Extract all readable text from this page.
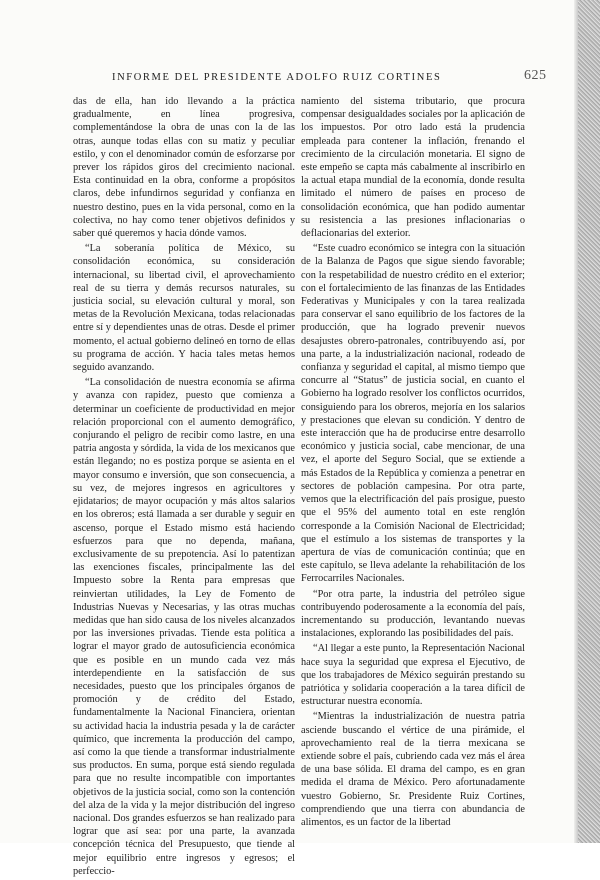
INFORME DEL PRESIDENTE ADOLFO RUIZ CORTINES	625

das de ella, han ido llevando a la práctica gradualmente, en línea progresiva, complementándose la obra de unas con la de las otras, aunque todas ellas con su matiz y peculiar estilo, y con el denominador común de esforzarse por prever los rápidos giros del crecimiento nacional. Esta continuidad en la obra, conforme a propósitos claros, debe infundirnos seguridad y confianza en nuestro destino, pues en la vida personal, como en la colectiva, no hay como tener objetivos definidos y saber qué queremos y hacia dónde vamos.

“La soberanía política de México, su consolidación económica, su consideración internacional, su libertad civil, el aprovechamiento real de su tierra y demás recursos naturales, su justicia social, su elevación cultural y moral, son metas de la Revolución Mexicana, todas relacionadas entre sí y dependientes unas de otras. Desde el primer momento, el actual gobierno delineó en torno de ellas su programa de acción. Y hacia tales metas hemos seguido avanzando.

“La consolidación de nuestra economía se afirma y avanza con rapidez, puesto que comienza a determinar un coeficiente de productividad en mejor relación proporcional con el aumento demográfico, conjurando el peligro de recibir como lastre, en una patria angosta y sórdida, la vida de los mexicanos que están llegando; no es postiza porque se asienta en el mayor consumo e inversión, que son consecuencia, a su vez, de mejores ingresos en agricultores y ejidatarios; de mayor ocupación y más altos salarios en los obreros; está llamada a ser durable y seguir en ascenso, porque el Estado mismo está haciendo esfuerzos para que no dependa, mañana, exclusivamente de su prepotencia. Así lo patentizan las exenciones fiscales, principalmente las del Impuesto sobre la Renta para empresas que reinviertan utilidades, la Ley de Fomento de Industrias Nuevas y Necesarias, y las otras muchas medidas que han sido causa de los niveles alcanzados por las inversiones privadas. Tiende esta política a lograr el mayor grado de autosuficiencia económica que es posible en un mundo cada vez más interdependiente en la satisfacción de sus necesidades, puesto que los principales órganos de promoción y de crédito del Estado, fundamentalmente la Nacional Financiera, orientan su actividad hacia la industria pesada y la de carácter químico, que incrementa la producción del campo, así como la que tiende a transformar industrialmente sus productos. En suma, porque está siendo regulada para que no resulte incompatible con importantes objetivos de la justicia social, como son la contención del alza de la vida y la mejor distribución del ingreso nacional. Dos grandes esfuerzos se han realizado para lograr que así sea: por una parte, la avanzada concepción técnica del Presupuesto, que tiende al mejor equilibrio entre ingresos y egresos; el perfeccio-

namiento del sistema tributario, que procura compensar desigualdades sociales por la aplicación de los impuestos. Por otro lado está la prudencia empleada para contener la inflación, frenando el crecimiento de la circulación monetaria. El signo de este empeño se capta más cabalmente al inscribirlo en la actual etapa mundial de la economía, donde resulta limitado el número de países en proceso de consolidación económica, que han podido aumentar su resistencia a las presiones inflacionarias o deflacionarias del exterior.

“Este cuadro económico se integra con la situación de la Balanza de Pagos que sigue siendo favorable; con la respetabilidad de nuestro crédito en el exterior; con el fortalecimiento de las finanzas de las Entidades Federativas y Municipales y con la tarea realizada para conservar el sano equilibrio de los factores de la producción, que ha logrado prevenir nuevos desajustes obrero-patronales, contribuyendo así, por una parte, a la industrialización nacional, rodeado de confianza y seguridad el capital, al mismo tiempo que concurre al “Status” de justicia social, en cuanto el Gobierno ha logrado resolver los conflictos ocurridos, consiguiendo para los obreros, mejoría en los salarios y prestaciones que elevan su condición. Y dentro de este interacción que ha de producirse entre desarrollo económico y justicia social, cabe mencionar, de una vez, el aporte del Seguro Social, que se extiende a más Estados de la República y comienza a penetrar en sectores de población campesina. Por otra parte, vemos que la electrificación del país prosigue, puesto que el 95% del aumento total en este renglón corresponde a la Comisión Nacional de Electricidad; que el estímulo a los sistemas de transportes y la apertura de vías de comunicación continúa; que en este capítulo, se lleva adelante la rehabilitación de los Ferrocarriles Nacionales.

“Por otra parte, la industria del petróleo sigue contribuyendo poderosamente a la economía del país, incrementando su producción, levantando nuevas instalaciones, explorando las posibilidades del país.

“Al llegar a este punto, la Representación Nacional hace suya la seguridad que expresa el Ejecutivo, de que los trabajadores de México seguirán prestando su patriótica y solidaria cooperación a la tarea difícil de estructurar nuestra economía.

“Mientras la industrialización de nuestra patria asciende buscando el vértice de una pirámide, el aprovechamiento real de la tierra mexicana se extiende sobre el país, cubriendo cada vez más el área de una base sólida. El drama del campo, es en gran medida el drama de México. Pero afortunadamente vuestro Gobierno, Sr. Presidente Ruiz Cortines, comprendiendo que una tierra con abundancia de alimentos, es un factor de la libertad
